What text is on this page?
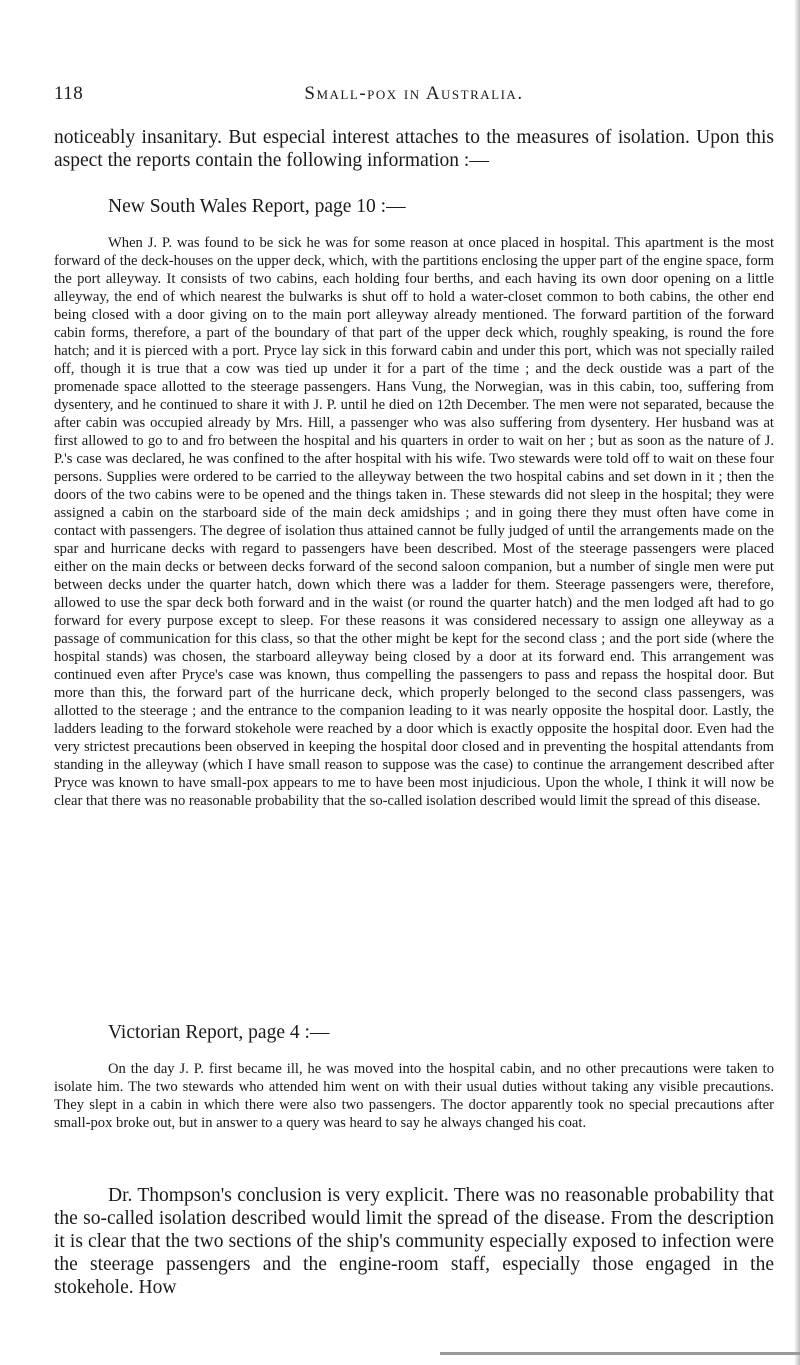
118	Small-pox in Australia.

noticeably insanitary. But especial interest attaches to the measures of isolation. Upon this aspect the reports contain the following information :—

New South Wales Report, page 10 :—

When J. P. was found to be sick he was for some reason at once placed in hospital. This apartment is the most forward of the deck-houses on the upper deck, which, with the partitions enclosing the upper part of the engine space, form the port alleyway. It consists of two cabins, each holding four berths, and each having its own door opening on a little alleyway, the end of which nearest the bulwarks is shut off to hold a water-closet common to both cabins, the other end being closed with a door giving on to the main port alleyway already mentioned. The forward partition of the forward cabin forms, therefore, a part of the boundary of that part of the upper deck which, roughly speaking, is round the fore hatch; and it is pierced with a port. Pryce lay sick in this forward cabin and under this port, which was not specially railed off, though it is true that a cow was tied up under it for a part of the time ; and the deck oustide was a part of the promenade space allotted to the steerage passengers. Hans Vung, the Norwegian, was in this cabin, too, suffering from dysentery, and he continued to share it with J. P. until he died on 12th December. The men were not separated, because the after cabin was occupied already by Mrs. Hill, a passenger who was also suffering from dysentery. Her husband was at first allowed to go to and fro between the hospital and his quarters in order to wait on her ; but as soon as the nature of J. P.'s case was declared, he was confined to the after hospital with his wife. Two stewards were told off to wait on these four persons. Supplies were ordered to be carried to the alleyway between the two hospital cabins and set down in it ; then the doors of the two cabins were to be opened and the things taken in. These stewards did not sleep in the hospital; they were assigned a cabin on the starboard side of the main deck amidships ; and in going there they must often have come in contact with passengers. The degree of isolation thus attained cannot be fully judged of until the arrangements made on the spar and hurricane decks with regard to passengers have been described. Most of the steerage passengers were placed either on the main decks or between decks forward of the second saloon companion, but a number of single men were put between decks under the quarter hatch, down which there was a ladder for them. Steerage passengers were, therefore, allowed to use the spar deck both forward and in the waist (or round the quarter hatch) and the men lodged aft had to go forward for every purpose except to sleep. For these reasons it was considered necessary to assign one alleyway as a passage of communication for this class, so that the other might be kept for the second class ; and the port side (where the hospital stands) was chosen, the starboard alleyway being closed by a door at its forward end. This arrangement was continued even after Pryce's case was known, thus compelling the passengers to pass and repass the hospital door. But more than this, the forward part of the hurricane deck, which properly belonged to the second class passengers, was allotted to the steerage ; and the entrance to the companion leading to it was nearly opposite the hospital door. Lastly, the ladders leading to the forward stokehole were reached by a door which is exactly opposite the hospital door. Even had the very strictest precautions been observed in keeping the hospital door closed and in preventing the hospital attendants from standing in the alleyway (which I have small reason to suppose was the case) to continue the arrangement described after Pryce was known to have small-pox appears to me to have been most injudicious. Upon the whole, I think it will now be clear that there was no reasonable probability that the so-called isolation described would limit the spread of this disease.

Victorian Report, page 4 :—

On the day J. P. first became ill, he was moved into the hospital cabin, and no other precautions were taken to isolate him. The two stewards who attended him went on with their usual duties without taking any visible precautions. They slept in a cabin in which there were also two passengers. The doctor apparently took no special precautions after small-pox broke out, but in answer to a query was heard to say he always changed his coat.

Dr. Thompson's conclusion is very explicit. There was no reasonable probability that the so-called isolation described would limit the spread of the disease. From the description it is clear that the two sections of the ship's community especially exposed to infection were the steerage passengers and the engine-room staff, especially those engaged in the stokehole. How
